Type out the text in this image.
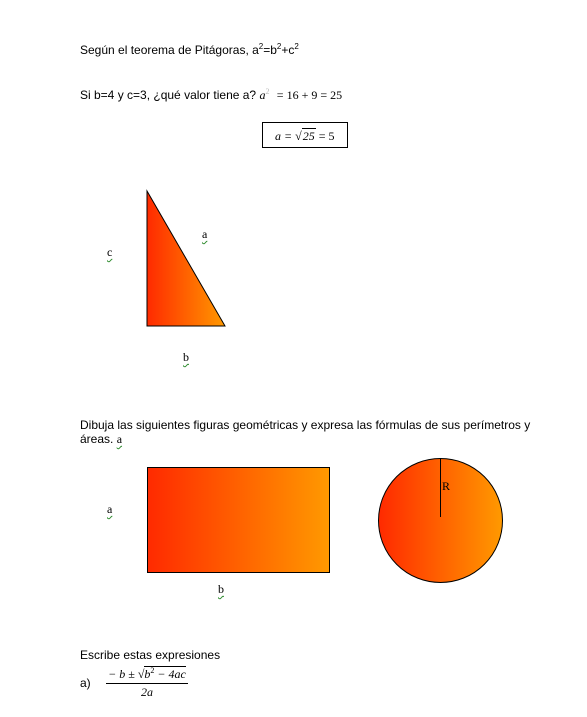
Según el teorema de Pitágoras, $a^2=b^2+c^2$
Si b=4 y c=3, ¿qué valor tiene a? $a^2 = 16 + 9 = 25$
a = √25 = 5
a
c
b
Dibuja las siguientes figuras geométricas y expresa las fórmulas de sus perímetros y
áreas. a
a
b
R
Escribe estas expresiones
$a) \frac{- b \pm √b^2 - 4ac}{2a}$
